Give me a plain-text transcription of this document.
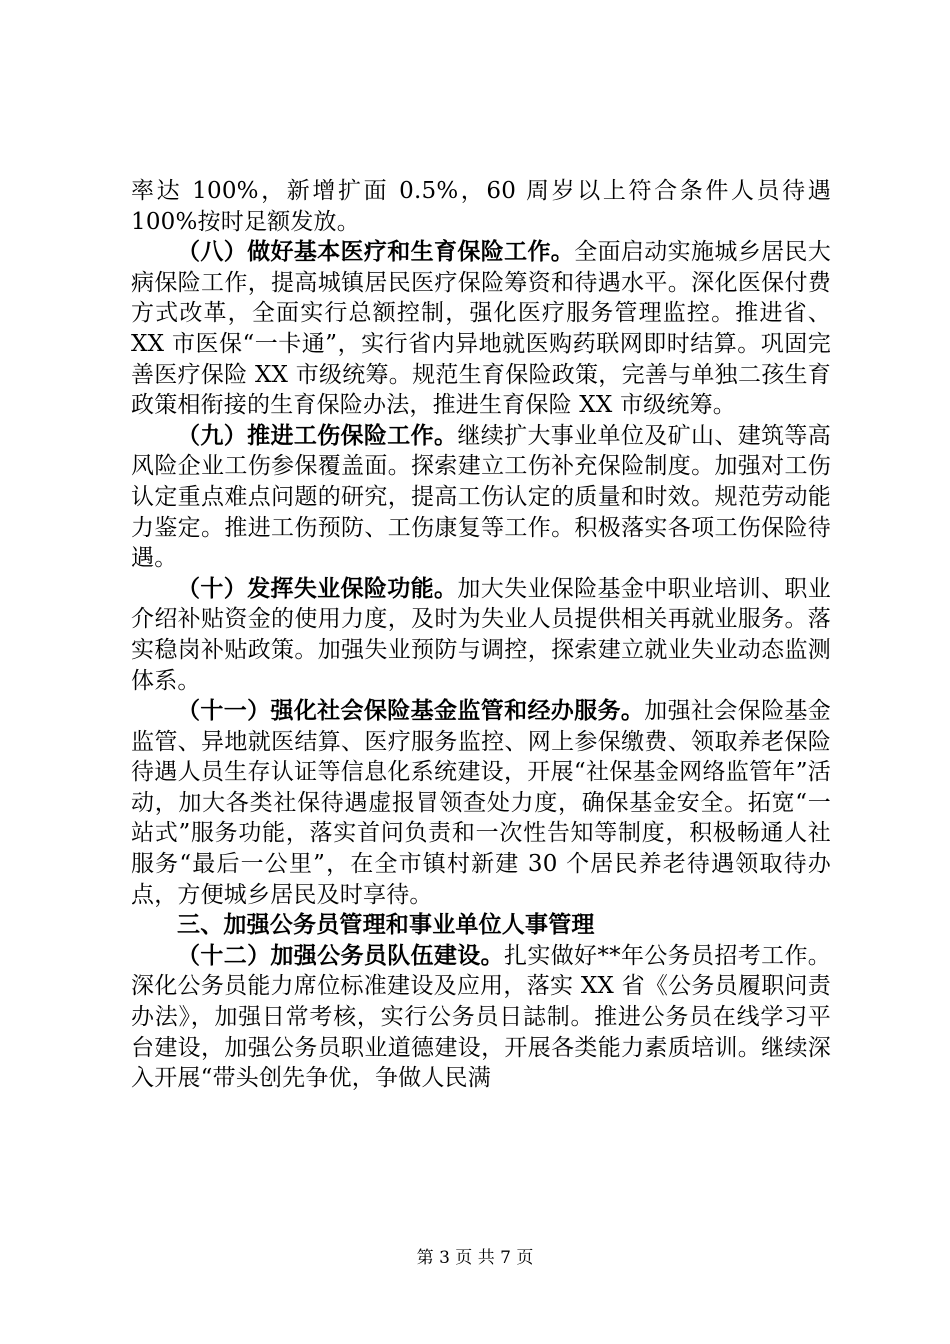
率达 100%，新增扩面 0.5%，60 周岁以上符合条件人员待遇100%按时足额发放。

（八）做好基本医疗和生育保险工作。全面启动实施城乡居民大病保险工作，提高城镇居民医疗保险筹资和待遇水平。深化医保付费方式改革，全面实行总额控制，强化医疗服务管理监控。推进省、XX 市医保“一卡通”，实行省内异地就医购药联网即时结算。巩固完善医疗保险 XX 市级统筹。规范生育保险政策，完善与单独二孩生育政策相衔接的生育保险办法，推进生育保险 XX 市级统筹。

（九）推进工伤保险工作。继续扩大事业单位及矿山、建筑等高风险企业工伤参保覆盖面。探索建立工伤补充保险制度。加强对工伤认定重点难点问题的研究，提高工伤认定的质量和时效。规范劳动能力鉴定。推进工伤预防、工伤康复等工作。积极落实各项工伤保险待遇。

（十）发挥失业保险功能。加大失业保险基金中职业培训、职业介绍补贴资金的使用力度，及时为失业人员提供相关再就业服务。落实稳岗补贴政策。加强失业预防与调控，探索建立就业失业动态监测体系。

（十一）强化社会保险基金监管和经办服务。加强社会保险基金监管、异地就医结算、医疗服务监控、网上参保缴费、领取养老保险待遇人员生存认证等信息化系统建设，开展“社保基金网络监管年”活动，加大各类社保待遇虚报冒领查处力度，确保基金安全。拓宽“一站式”服务功能，落实首问负责和一次性告知等制度，积极畅通人社服务“最后一公里”，在全市镇村新建 30 个居民养老待遇领取待办点，方便城乡居民及时享待。

三、加强公务员管理和事业单位人事管理

（十二）加强公务员队伍建设。扎实做好**年公务员招考工作。深化公务员能力席位标准建设及应用，落实 XX 省《公务员履职问责办法》，加强日常考核，实行公务员日誌制。推进公务员在线学习平台建设，加强公务员职业道德建设，开展各类能力素质培训。继续深入开展“带头创先争优，争做人民满

第 3 页 共 7 页
